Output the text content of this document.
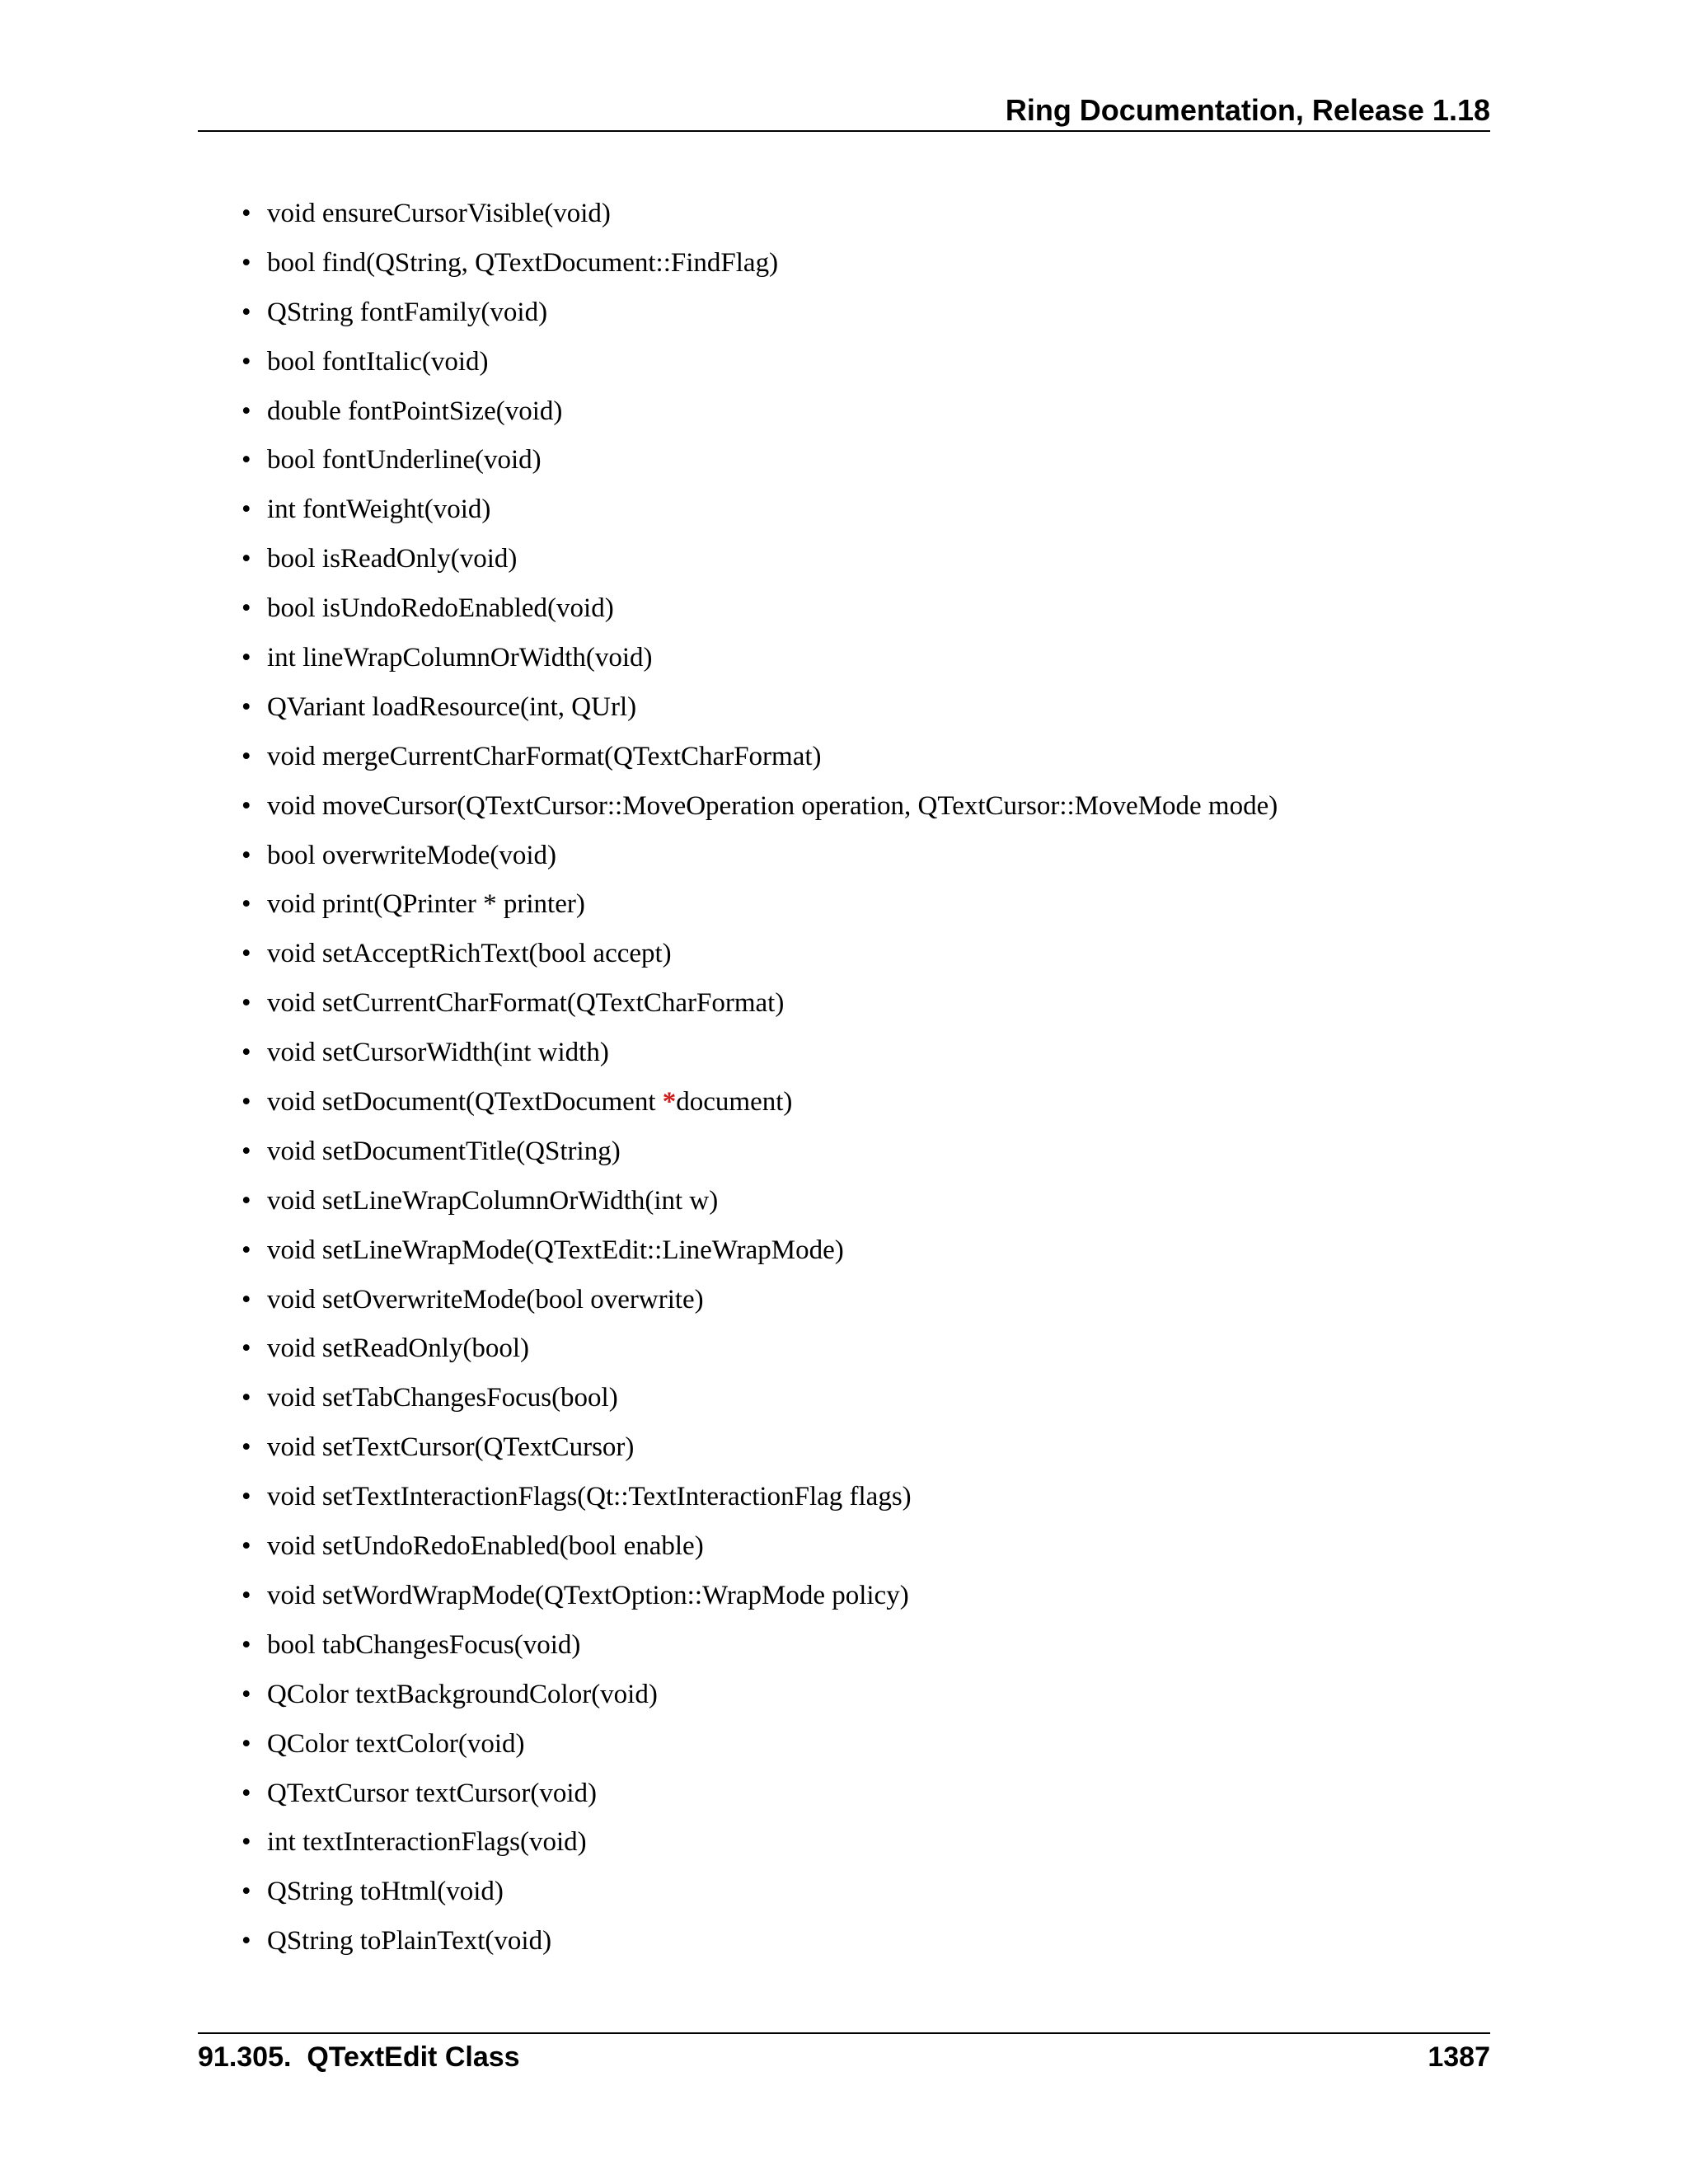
Ring Documentation, Release 1.18
• void ensureCursorVisible(void)
• bool find(QString, QTextDocument::FindFlag)
• QString fontFamily(void)
• bool fontItalic(void)
• double fontPointSize(void)
• bool fontUnderline(void)
• int fontWeight(void)
• bool isReadOnly(void)
• bool isUndoRedoEnabled(void)
• int lineWrapColumnOrWidth(void)
• QVariant loadResource(int, QUrl)
• void mergeCurrentCharFormat(QTextCharFormat)
• void moveCursor(QTextCursor::MoveOperation operation, QTextCursor::MoveMode mode)
• bool overwriteMode(void)
• void print(QPrinter * printer)
• void setAcceptRichText(bool accept)
• void setCurrentCharFormat(QTextCharFormat)
• void setCursorWidth(int width)
• void setDocument(QTextDocument *document)
• void setDocumentTitle(QString)
• void setLineWrapColumnOrWidth(int w)
• void setLineWrapMode(QTextEdit::LineWrapMode)
• void setOverwriteMode(bool overwrite)
• void setReadOnly(bool)
• void setTabChangesFocus(bool)
• void setTextCursor(QTextCursor)
• void setTextInteractionFlags(Qt::TextInteractionFlag flags)
• void setUndoRedoEnabled(bool enable)
• void setWordWrapMode(QTextOption::WrapMode policy)
• bool tabChangesFocus(void)
• QColor textBackgroundColor(void)
• QColor textColor(void)
• QTextCursor textCursor(void)
• int textInteractionFlags(void)
• QString toHtml(void)
• QString toPlainText(void)
91.305.  QTextEdit Class	1387
